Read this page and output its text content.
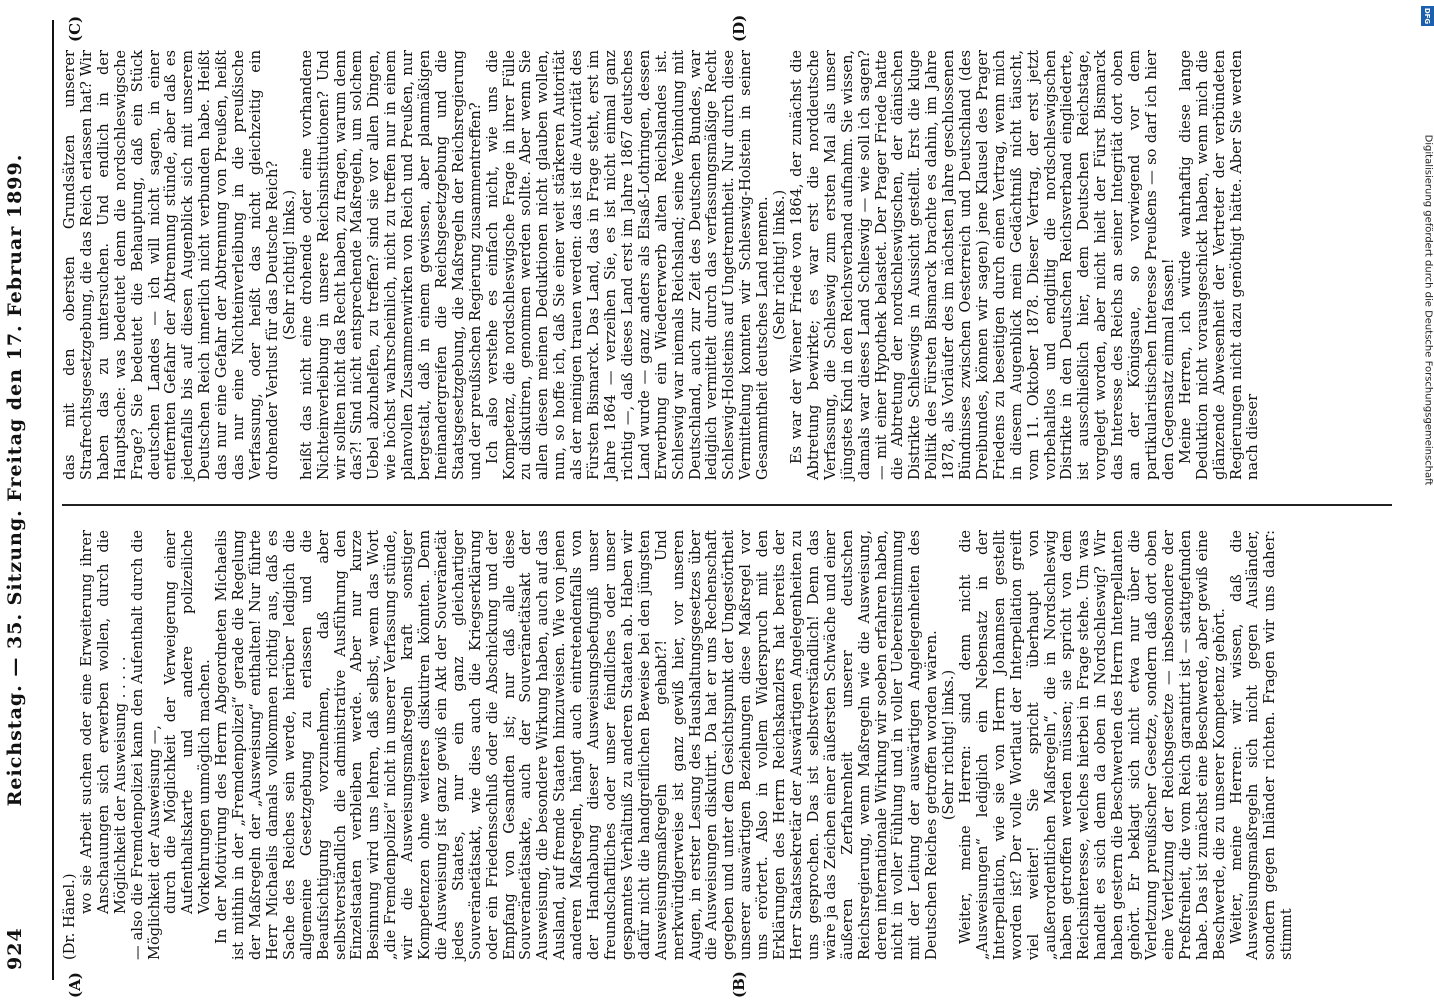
924
Reichstag. — 35. Sitzung. Freitag den 17. Februar 1899.
(A)	(B)
(C)	(D)

(Dr. Hänel.)

wo sie Arbeit suchen oder eine Erweiterung ihrer Anschauungen sich erwerben wollen, durch die Möglichkeit der Ausweisung . . . . . — also die Fremdenpolizei kann den Aufenthalt durch die Möglichkeit der Ausweisung —, durch die Möglichkeit der Verweigerung einer Aufenthaltskarte und andere polizeiliche Vorkehrungen unmöglich machen. In der Motivirung des Herrn Abgeordneten Michaelis ist mithin in der „Fremdenpolizei“ gerade die Regelung der Maßregeln der „Ausweisung“ enthalten! Nur führte Herr Michaelis damals vollkommen richtig aus, daß es Sache des Reiches sein werde, hierüber lediglich die allgemeine Gesetzgebung zu erlassen und die Beaufsichtigung vorzunehmen, daß aber selbstverständlich die administrative Ausführung den Einzelstaaten verbleiben werde. Aber nur kurze Besinnung wird uns lehren, daß selbst, wenn das Wort „die Fremdenpolizei“ nicht in unserer Verfassung stünde, wir die Ausweisungsmaßregeln kraft sonstiger Kompetenzen ohne weiteres diskutiren könnten. Denn die Ausweisung ist ganz gewiß ein Akt der Souveränetät jedes Staates, nur ein ganz gleichartiger Souveränetätsakt, wie dies auch die Kriegserklärung oder ein Friedensschluß oder die Abschickung und der Empfang von Gesandten ist; nur daß alle diese Souveränetätsakte, auch der Souveränetätsakt der Ausweisung, die besondere Wirkung haben, auch auf das Ausland, auf fremde Staaten hinzuweisen. Wie von jenen anderen Maßregeln, hängt auch eintretendenfalls von der Handhabung dieser Ausweisungsbefugniß unser freundschaftliches oder unser feindliches oder unser gespanntes Verhältniß zu anderen Staaten ab. Haben wir dafür nicht die handgreiflichen Beweise bei den jüngsten Ausweisungsmaßregeln gehabt?! Und merkwürdigerweise ist ganz gewiß hier, vor unseren Augen, in erster Lesung des Haushaltungsgesetzes über die Ausweisungen diskutirt. Da hat er uns Rechenschaft gegeben und unter dem Gesichtspunkt der Ungestörtheit unserer auswärtigen Beziehungen diese Maßregel vor uns erörtert. Also in vollem Widerspruch mit den Erklärungen des Herrn Reichskanzlers hat bereits der Herr Staatssekretär der Auswärtigen Angelegenheiten zu uns gesprochen. Das ist selbstverständlich! Denn das wäre ja das Zeichen einer äußersten Schwäche und einer äußeren Zerfahrenheit unserer deutschen Reichsregierung, wenn Maßregeln wie die Ausweisung, deren internationale Wirkung wir soeben erfahren haben, nicht in voller Fühlung und in voller Uebereinstimmung mit der Leitung der auswärtigen Angelegenheiten des Deutschen Reiches getroffen worden wären. (Sehr richtig! links.) Weiter, meine Herren: sind denn nicht die „Ausweisungen“ lediglich ein Nebensatz in der Interpellation, wie sie von Herrn Johannsen gestellt worden ist? Der volle Wortlaut der Interpellation greift viel weiter! Sie spricht überhaupt von „außerordentlichen Maßregeln“, die in Nordschleswig haben getroffen werden müssen; sie spricht von dem Reichsinteresse, welches hierbei in Frage stehe. Um was handelt es sich denn da oben in Nordschleswig? Wir haben gestern die Beschwerden des Herrn Interpellanten gehört. Er beklagt sich nicht etwa nur über die Verletzung preußischer Gesetze, sondern daß dort oben eine Verletzung der Reichsgesetze — insbesondere der Preßfreiheit, die vom Reich garantirt ist — stattgefunden habe. Das ist zunächst eine Beschwerde, aber gewiß eine Beschwerde, die zu unserer Kompetenz gehört. Weiter, meine Herren: wir wissen, daß die Ausweisungsmaßregeln sich nicht gegen Ausländer, sondern gegen Inländer richten. Fragen wir uns daher: stimmt

das mit den obersten Grundsätzen unserer Strafrechtsgesetzgebung, die das Reich erlassen hat? Wir haben das zu untersuchen. Und endlich in der Hauptsache: was bedeutet denn die nordschleswigsche Frage? Sie bedeutet die Behauptung, daß ein Stück deutschen Landes — ich will nicht sagen, in einer entfernten Gefahr der Abtrennung stünde, aber daß es jedenfalls bis auf diesen Augenblick sich mit unserem Deutschen Reich innerlich nicht verbunden habe. Heißt das nur eine Gefahr der Abtrennung von Preußen, heißt das nur eine Nichteinverleibung in die preußische Verfassung, oder heißt das nicht gleichzeitig ein drohender Verlust für das Deutsche Reich? (Sehr richtig! links.) heißt das nicht eine drohende oder eine vorhandene Nichteinverleibung in unsere Reichsinstitutionen? Und wir sollten nicht das Recht haben, zu fragen, warum denn das?! Sind nicht entsprechende Maßregeln, um solchem Uebel abzuhelfen, zu treffen? sind sie vor allen Dingen, wie höchst wahrscheinlich, nicht zu treffen nur in einem planvollen Zusammenwirken von Reich und Preußen, nur bergestalt, daß in einem gewissen, aber planmäßigen Ineinandergreifen die Reichsgesetzgebung und die Staatsgesetzgebung, die Maßregeln der Reichsregierung und der preußischen Regierung zusammentreffen? Ich also verstehe es einfach nicht, wie uns die Kompetenz, die nordschleswigsche Frage in ihrer Fülle zu diskutiren, genommen werden sollte. Aber wenn Sie allen diesen meinen Deduktionen nicht glauben wollen, nun, so hoffe ich, daß Sie einer weit stärkeren Autorität als der meinigen trauen werden: das ist die Autorität des Fürsten Bismarck. Das Land, das in Frage steht, erst im Jahre 1864 — verzeihen Sie, es ist nicht einmal ganz richtig —, daß dieses Land erst im Jahre 1867 deutsches Land wurde — ganz anders als Elsaß-Lothringen, dessen Erwerbung ein Wiedererwerb alten Reichslandes ist. Schleswig war niemals Reichsland; seine Verbindung mit Deutschland, auch zur Zeit des Deutschen Bundes, war lediglich vermittelt durch das verfassungsmäßige Recht Schleswig-Holsteins auf Ungetrenntheit. Nur durch diese Vermittelung konnten wir Schleswig-Holstein in seiner Gesammtheit deutsches Land nennen. (Sehr richtig! links.) Es war der Wiener Friede von 1864, der zunächst die Abtretung bewirkte; es war erst die norddeutsche Verfassung, die Schleswig zum ersten Mal als unser jüngstes Kind in den Reichsverband aufnahm. Sie wissen, damals war dieses Land Schleswig — wie soll ich sagen? — mit einer Hypothek belastet. Der Prager Friede hatte die Abtretung der nordschleswigschen, der dänischen Distrikte Schleswigs in Aussicht gestellt. Erst die kluge Politik des Fürsten Bismarck brachte es dahin, im Jahre 1878, als Vorläufer des im nächsten Jahre geschlossenen Bündnisses zwischen Oesterreich und Deutschland (des Dreibundes, können wir sagen) jene Klausel des Prager Friedens zu beseitigen durch einen Vertrag, wenn mich in diesem Augenblick mein Gedächtniß nicht täuscht, vom 11. Oktober 1878. Dieser Vertrag, der erst jetzt vorbehaltlos und endgiltig die nordschleswigschen Distrikte in den Deutschen Reichsverband eingliederte, ist ausschließlich hier, dem Deutschen Reichstage, vorgelegt worden, aber nicht hielt der Fürst Bismarck das Interesse des Reichs an seiner Integrität dort oben an der Königsaue, so vorwiegend vor dem partikularistischen Interesse Preußens — so darf ich hier den Gegensatz einmal fassen! Meine Herren, ich würde wahrhaftig diese lange Deduktion nicht vorausgeschickt haben, wenn mich die glänzende Abwesenheit der Vertreter der verbündeten Regierungen nicht dazu genöthigt hätte. Aber Sie werden nach dieser

DFG
Digitalisierung gefördert durch die Deutsche Forschungsgemeinschaft
